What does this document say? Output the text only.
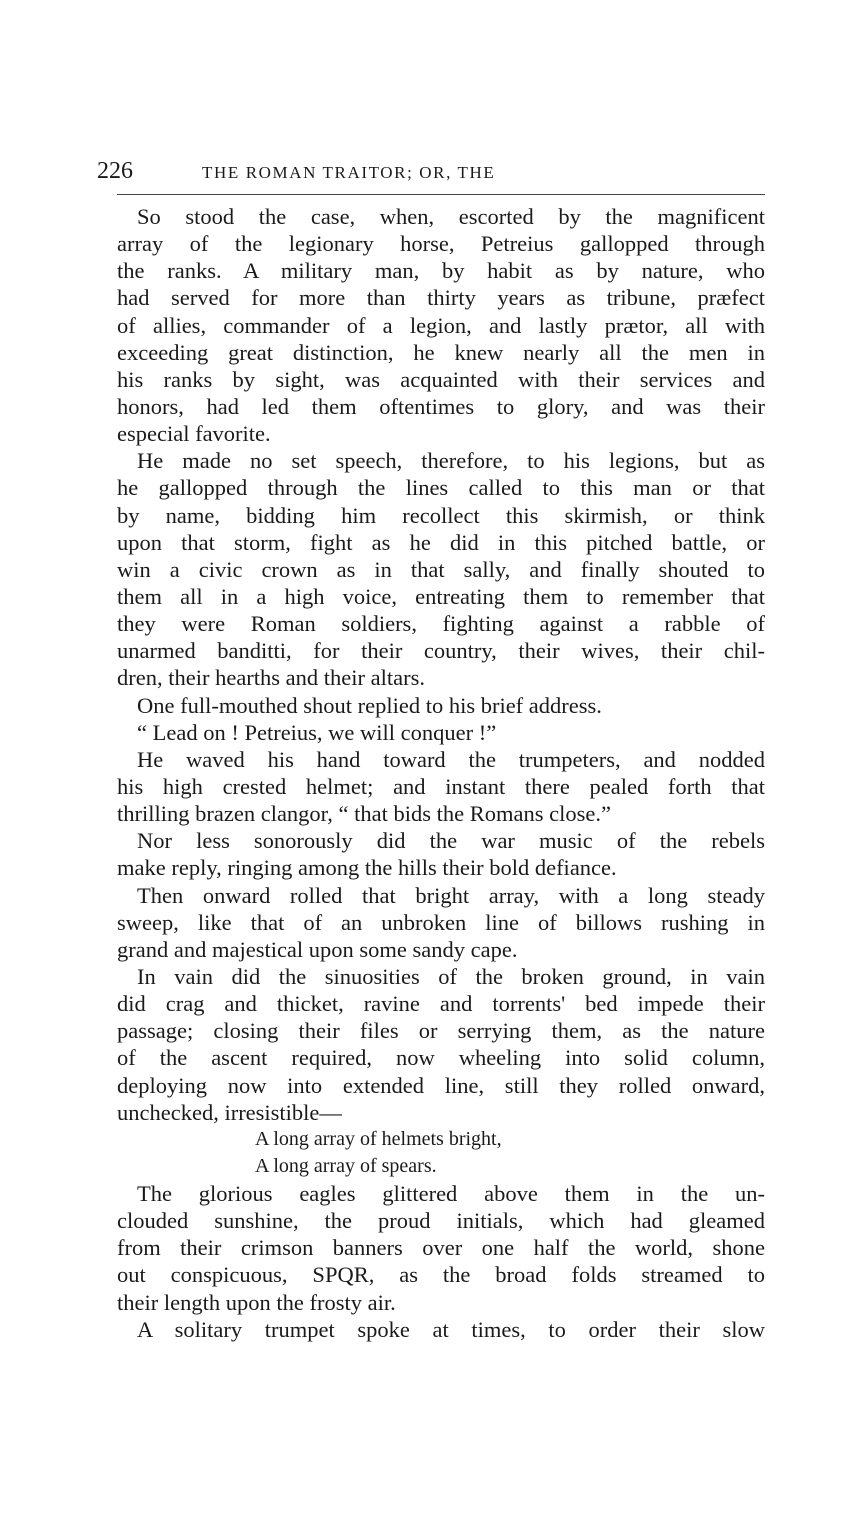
226	THE ROMAN TRAITOR; OR, THE
So stood the case, when, escorted by the magnificent
array of the legionary horse, Petreius gallopped through
the ranks. A military man, by habit as by nature, who
had served for more than thirty years as tribune, præfect
of allies, commander of a legion, and lastly prætor, all with
exceeding great distinction, he knew nearly all the men in
his ranks by sight, was acquainted with their services and
honors, had led them oftentimes to glory, and was their
especial favorite.
He made no set speech, therefore, to his legions, but as
he gallopped through the lines called to this man or that
by name, bidding him recollect this skirmish, or think
upon that storm, fight as he did in this pitched battle, or
win a civic crown as in that sally, and finally shouted to
them all in a high voice, entreating them to remember that
they were Roman soldiers, fighting against a rabble of
unarmed banditti, for their country, their wives, their chil-
dren, their hearths and their altars.
One full-mouthed shout replied to his brief address.
“ Lead on ! Petreius, we will conquer !”
He waved his hand toward the trumpeters, and nodded
his high crested helmet; and instant there pealed forth that
thrilling brazen clangor, “ that bids the Romans close.”
Nor less sonorously did the war music of the rebels
make reply, ringing among the hills their bold defiance.
Then onward rolled that bright array, with a long steady
sweep, like that of an unbroken line of billows rushing in
grand and majestical upon some sandy cape.
In vain did the sinuosities of the broken ground, in vain
did crag and thicket, ravine and torrents' bed impede their
passage; closing their files or serrying them, as the nature
of the ascent required, now wheeling into solid column,
deploying now into extended line, still they rolled onward,
unchecked, irresistible—
A long array of helmets bright,
A long array of spears.
The glorious eagles glittered above them in the un-
clouded sunshine, the proud initials, which had gleamed
from their crimson banners over one half the world, shone
out conspicuous, SPQR, as the broad folds streamed to
their length upon the frosty air.
A solitary trumpet spoke at times, to order their slow
